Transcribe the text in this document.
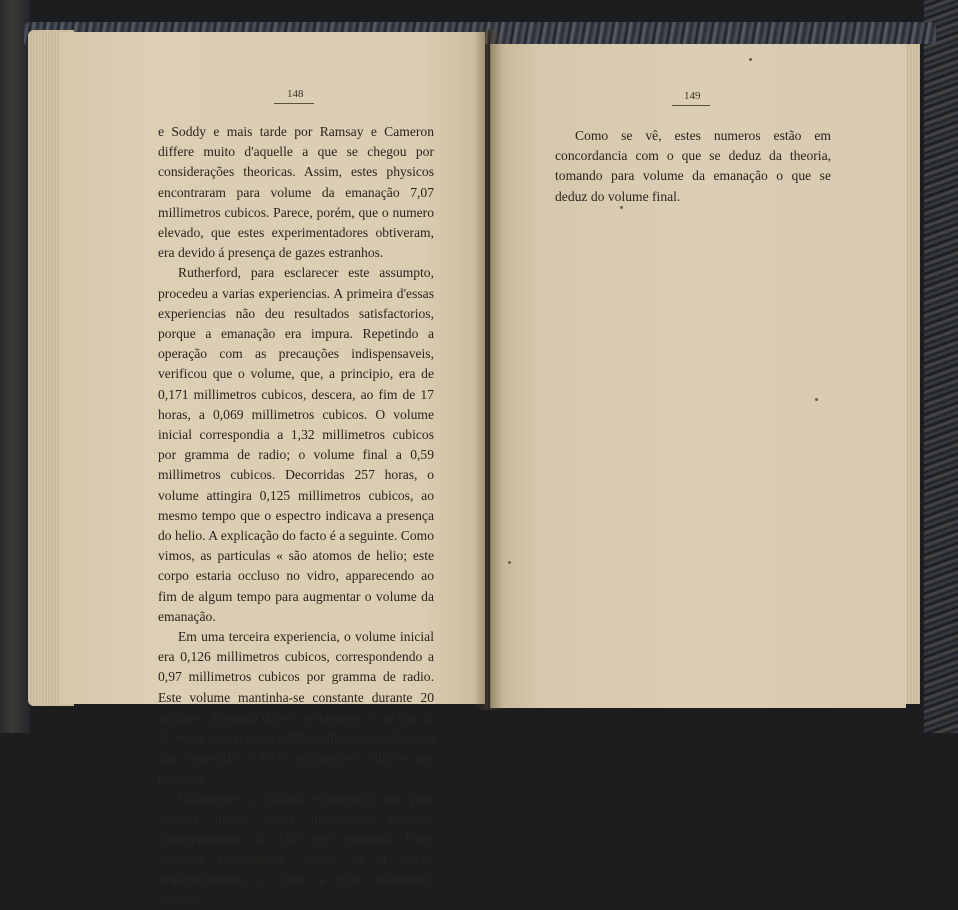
148

e Soddy e mais tarde por Ramsay e Cameron differe muito d'aquelle a que se chegou por considerações theoricas. Assim, estes physicos encontraram para volume da emanação 7,07 millimetros cubicos. Parece, porém, que o numero elevado, que estes experimentadores obtiveram, era devido á presença de gazes estranhos.

Rutherford, para esclarecer este assumpto, procedeu a varias experiencias. A primeira d'essas experiencias não deu resultados satisfactorios, porque a emanação era impura. Repetindo a operação com as precauções indispensaveis, verificou que o volume, que, a principio, era de 0,171 millimetros cubicos, descera, ao fim de 17 horas, a 0,069 millimetros cubicos. O volume inicial correspondia a 1,32 millimetros cubicos por gramma de radio; o volume final a 0,59 millimetros cubicos. Decorridas 257 horas, o volume attingira 0,125 millimetros cubicos, ao mesmo tempo que o espectro indicava a presença do helio. A explicação do facto é a seguinte. Como vimos, as particulas « são atomos de helio; este corpo estaria occluso no vidro, apparecendo ao fim de algum tempo para augmentar o volume da emanação.

Em uma terceira experiencia, o volume inicial era 0,126 millimetros cubicos, correspondendo a 0,97 millimetros cubicos por gramma de radio. Este volume mantinha-se constante durante 20 minutos, diminuia depois lentamente, e ao fim de 17 horas reduzia-se a 0,076 millimetros cubicos, o que equivalia a 0,66 millimetros cubicos por gramma.

Finalmente, a ultima experiencia deu para volume inicial 0,083 millimetros cubicos, correspondendo a 1,05 por gramma. Estes volumes reduziam-se, depois de 4 horas, respectivamente, a 0,046 e 0,58 millimetros cubicos.

149

Como se vê, estes numeros estão em concordancia com o que se deduz da theoria, tomando para volume da emanação o que se deduz do volume final.
